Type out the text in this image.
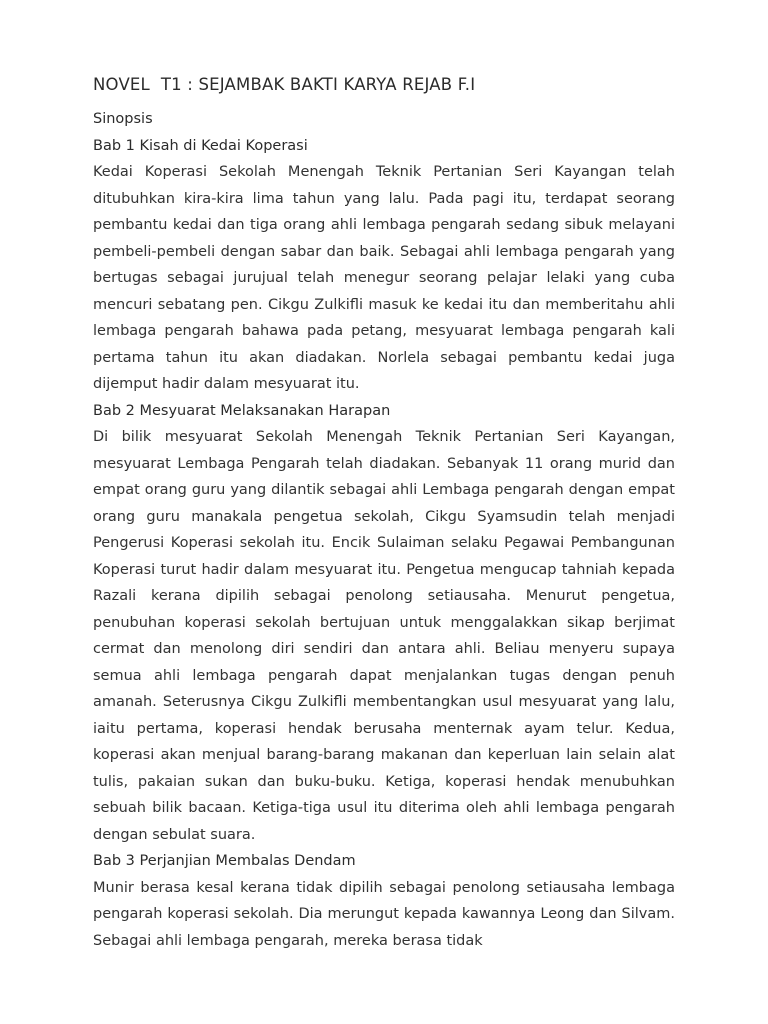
NOVEL  T1 : SEJAMBAK BAKTI KARYA REJAB F.I
Sinopsis
Bab 1 Kisah di Kedai Koperasi

Kedai Koperasi Sekolah Menengah Teknik Pertanian Seri Kayangan telah ditubuhkan kira-kira lima tahun yang lalu. Pada pagi itu, terdapat seorang pembantu kedai dan tiga orang ahli lembaga pengarah sedang sibuk melayani pembeli-pembeli dengan sabar dan baik. Sebagai ahli lembaga pengarah yang bertugas sebagai jurujual telah menegur seorang pelajar lelaki yang cuba mencuri sebatang pen. Cikgu Zulkifli masuk ke kedai itu dan memberitahu ahli lembaga pengarah bahawa pada petang, mesyuarat lembaga pengarah kali pertama tahun itu akan diadakan. Norlela sebagai pembantu kedai juga dijemput hadir dalam mesyuarat itu.

Bab 2 Mesyuarat Melaksanakan Harapan

Di bilik mesyuarat Sekolah Menengah Teknik Pertanian Seri Kayangan, mesyuarat Lembaga Pengarah telah diadakan. Sebanyak 11 orang murid dan empat orang guru yang dilantik sebagai ahli Lembaga pengarah dengan empat orang guru manakala pengetua sekolah, Cikgu Syamsudin telah menjadi Pengerusi Koperasi sekolah itu. Encik Sulaiman selaku Pegawai Pembangunan Koperasi turut hadir dalam mesyuarat itu. Pengetua mengucap tahniah kepada Razali kerana dipilih sebagai penolong setiausaha. Menurut pengetua, penubuhan koperasi sekolah bertujuan untuk menggalakkan sikap berjimat cermat dan menolong diri sendiri dan antara ahli. Beliau menyeru supaya semua ahli lembaga pengarah dapat menjalankan tugas dengan penuh amanah. Seterusnya Cikgu Zulkifli membentangkan usul mesyuarat yang lalu, iaitu pertama, koperasi hendak berusaha menternak ayam telur. Kedua, koperasi akan menjual barang-barang makanan dan keperluan lain selain alat tulis, pakaian sukan dan buku-buku. Ketiga, koperasi hendak menubuhkan sebuah bilik bacaan. Ketiga-tiga usul itu diterima oleh ahli lembaga pengarah dengan sebulat suara.

Bab 3 Perjanjian Membalas Dendam

Munir berasa kesal kerana tidak dipilih sebagai penolong setiausaha lembaga pengarah koperasi sekolah. Dia merungut kepada kawannya Leong dan Silvam. Sebagai ahli lembaga pengarah, mereka berasa tidak
